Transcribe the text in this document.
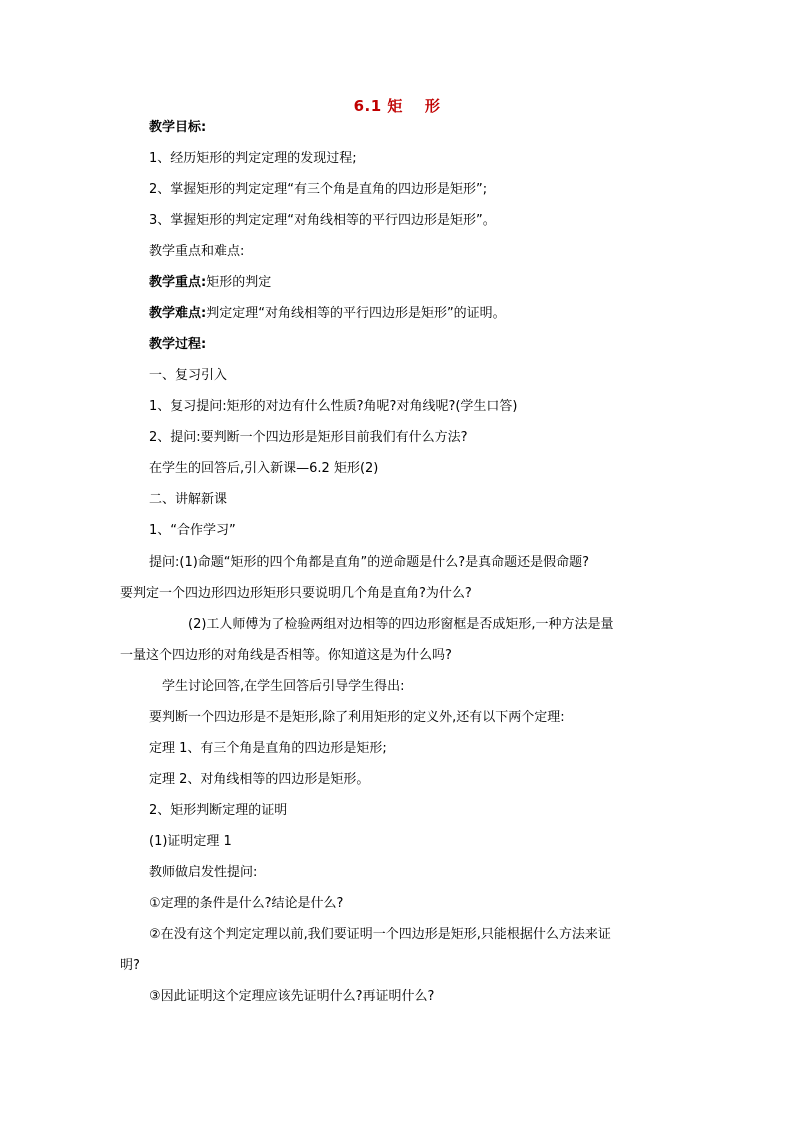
6.1 矩 形
教学目标:
1、经历矩形的判定定理的发现过程;
2、掌握矩形的判定定理“有三个角是直角的四边形是矩形”;
3、掌握矩形的判定定理“对角线相等的平行四边形是矩形”。
教学重点和难点:
教学重点:矩形的判定
教学难点:判定定理“对角线相等的平行四边形是矩形”的证明。
教学过程:
一、复习引入
1、复习提问:矩形的对边有什么性质?角呢?对角线呢?(学生口答)
2、提问:要判断一个四边形是矩形目前我们有什么方法?
在学生的回答后,引入新课—6.2 矩形(2)
二、讲解新课
1、“合作学习”
提问:(1)命题“矩形的四个角都是直角”的逆命题是什么?是真命题还是假命题?
要判定一个四边形四边形矩形只要说明几个角是直角?为什么?
(2)工人师傅为了检验两组对边相等的四边形窗框是否成矩形,一种方法是量
一量这个四边形的对角线是否相等。你知道这是为什么吗?
学生讨论回答,在学生回答后引导学生得出:
要判断一个四边形是不是矩形,除了利用矩形的定义外,还有以下两个定理:
定理 1、有三个角是直角的四边形是矩形;
定理 2、对角线相等的四边形是矩形。
2、矩形判断定理的证明
(1)证明定理 1
教师做启发性提问:
①定理的条件是什么?结论是什么?
②在没有这个判定定理以前,我们要证明一个四边形是矩形,只能根据什么方法来证
明?
③因此证明这个定理应该先证明什么?再证明什么?
